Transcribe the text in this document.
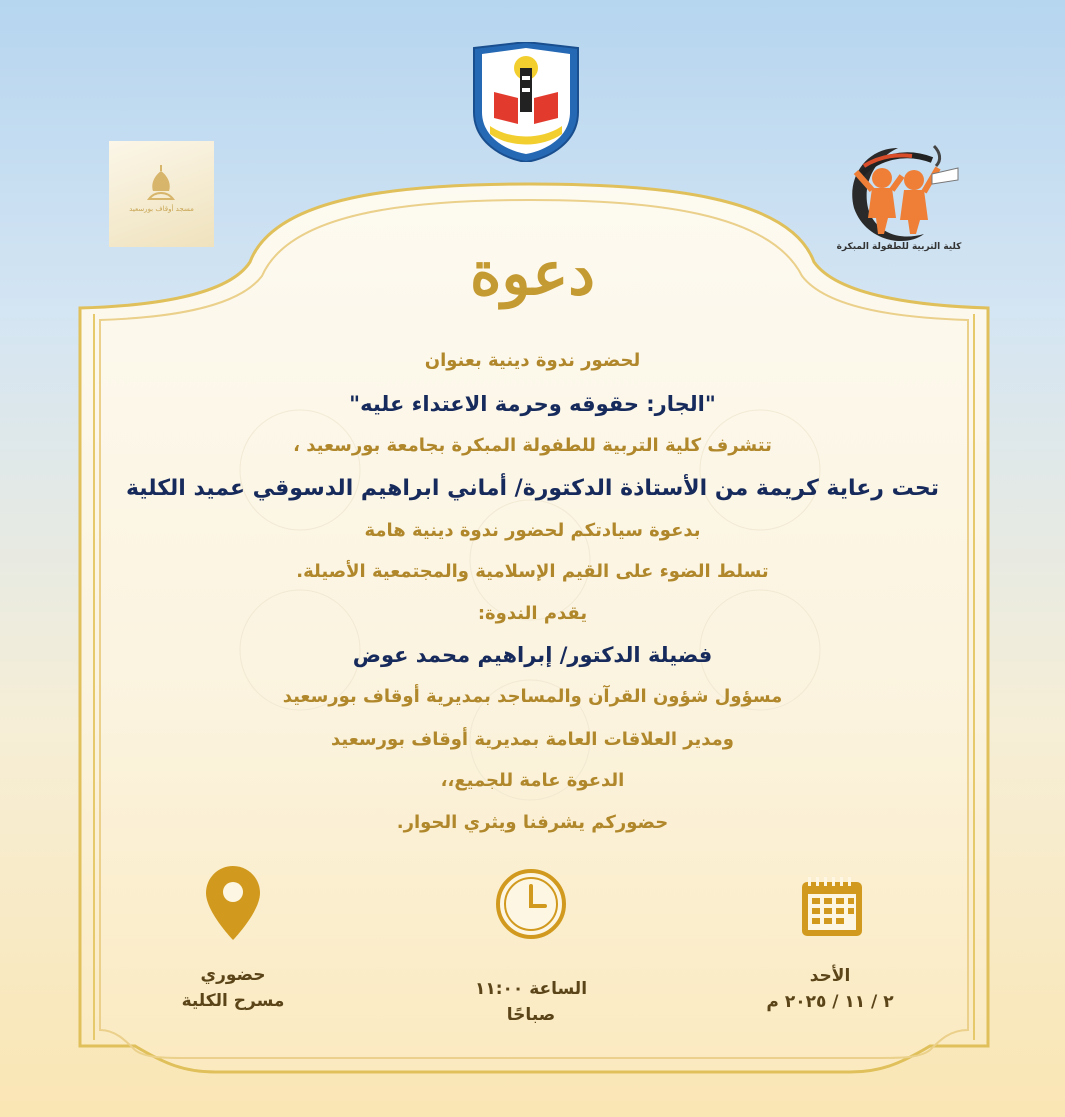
كلية التربية للطفولة المبكرة
مسجد أوقاف بورسعيد
دعوة
لحضور ندوة دينية بعنوان
"الجار: حقوقه وحرمة الاعتداء عليه"
تتشرف كلية التربية للطفولة المبكرة بجامعة بورسعيد ،
تحت رعاية كريمة من الأستاذة الدكتورة/ أماني ابراهيم الدسوقي عميد الكلية
بدعوة سيادتكم لحضور ندوة دينية هامة
تسلط الضوء على القيم الإسلامية والمجتمعية الأصيلة.
يقدم الندوة:
فضيلة الدكتور/ إبراهيم محمد عوض
مسؤول شؤون القرآن والمساجد بمديرية أوقاف بورسعيد
ومدير العلاقات العامة بمديرية أوقاف بورسعيد
الدعوة عامة للجميع،،
حضوركم يشرفنا ويثري الحوار.
حضوري
مسرح الكلية
الساعة ١١:٠٠
صباحًا
الأحد
٢ / ١١ / ٢٠٢٥ م
